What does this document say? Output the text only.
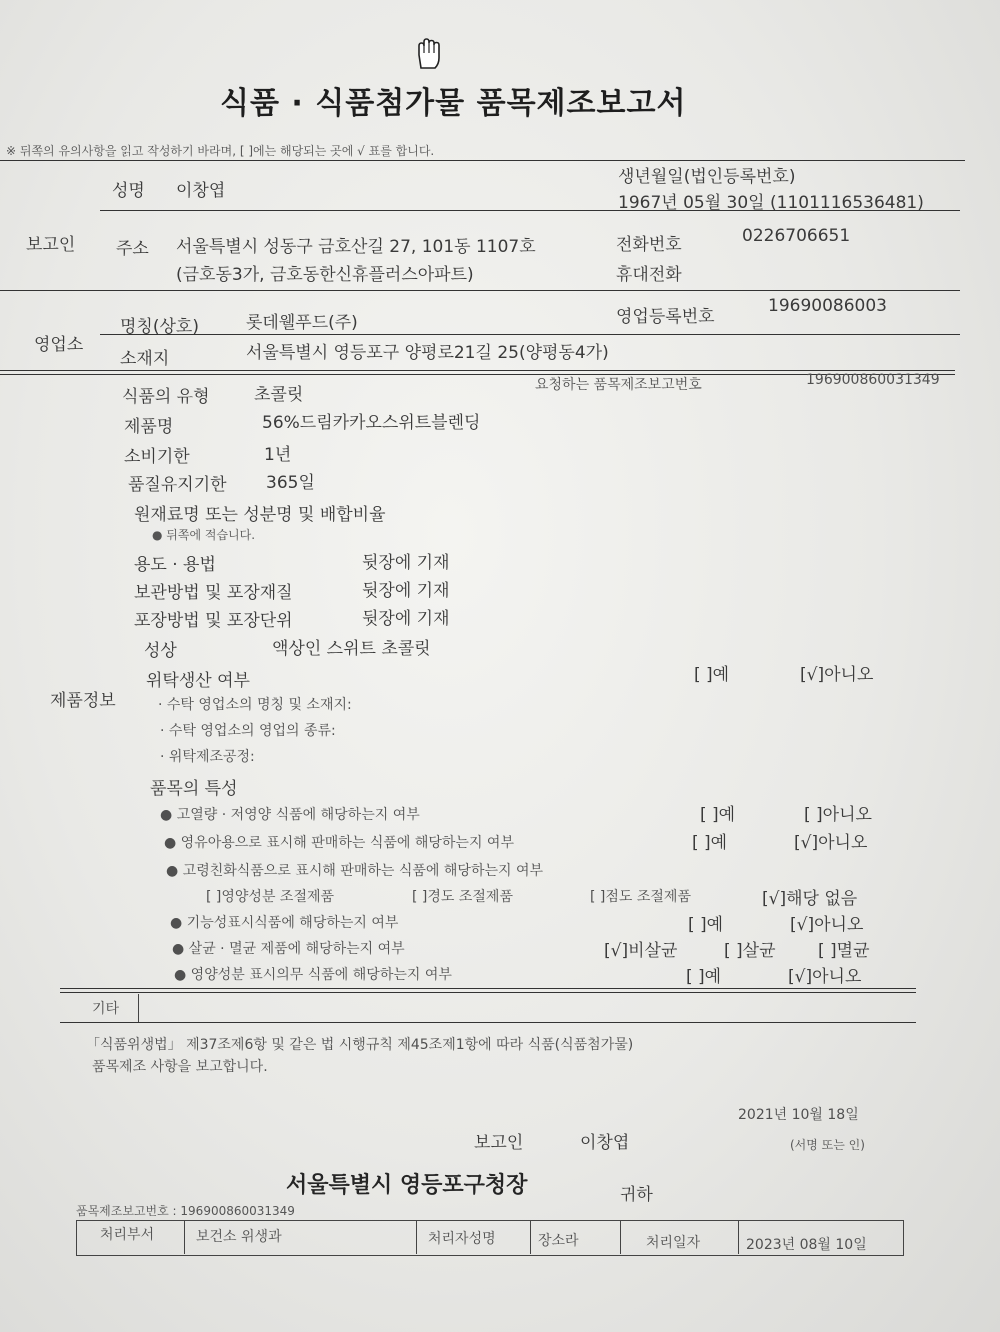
식품 · 식품첨가물 품목제조보고서
※ 뒤쪽의 유의사항을 읽고 작성하기 바라며, [ ]에는 해당되는 곳에 √ 표를 합니다.
보고인
성명 이창엽
생년월일(법인등록번호)
1967년 05월 30일 (1101116536481)
주소 서울특별시 성동구 금호산길 27, 101동 1107호
(금호동3가, 금호동한신휴플러스아파트)
전화번호	0226706651
휴대전화
영업소
명칭(상호)	롯데웰푸드(주)	영업등록번호
19690086003
소재지	서울특별시 영등포구 양평로21길 25(양평동4가)
제품정보
식품의 유형	초콜릿	요청하는 품목제조보고번호	196900860031349
제품명	56%드림카카오스위트블렌딩
소비기한	1년
품질유지기한 365일
원재료명 또는 성분명 및 배합비율
● 뒤쪽에 적습니다.
용도 · 용법	뒷장에 기재
보관방법 및 포장재질	뒷장에 기재
포장방법 및 포장단위	뒷장에 기재
성상	액상인 스위트 초콜릿
위탁생산 여부	[ ]예	[√]아니오
· 수탁 영업소의 명칭 및 소재지:
· 수탁 영업소의 영업의 종류:
· 위탁제조공정:
품목의 특성
● 고열량 · 저영양 식품에 해당하는지 여부	[ ]예	[ ]아니오
● 영유아용으로 표시해 판매하는 식품에 해당하는지 여부	[ ]예	[√]아니오
● 고령친화식품으로 표시해 판매하는 식품에 해당하는지 여부
[ ]영양성분 조절제품	[ ]경도 조절제품	[ ]점도 조절제품	[√]해당 없음
● 기능성표시식품에 해당하는지 여부	[ ]예	[√]아니오
● 살균 · 멸균 제품에 해당하는지 여부	[√]비살균	[ ]살균 [ ]멸균
● 영양성분 표시의무 식품에 해당하는지 여부	[ ]예	[√]아니오
기타
「식품위생법」 제37조제6항 및 같은 법 시행규칙 제45조제1항에 따라 식품(식품첨가물)
품목제조 사항을 보고합니다.
2021년 10월 18일
보고인	이창엽	(서명 또는 인)
서울특별시 영등포구청장	귀하
품목제조보고번호 : 196900860031349
처리부서	보건소 위생과	처리자성명	장소라	처리일자	2023년 08월 10일
